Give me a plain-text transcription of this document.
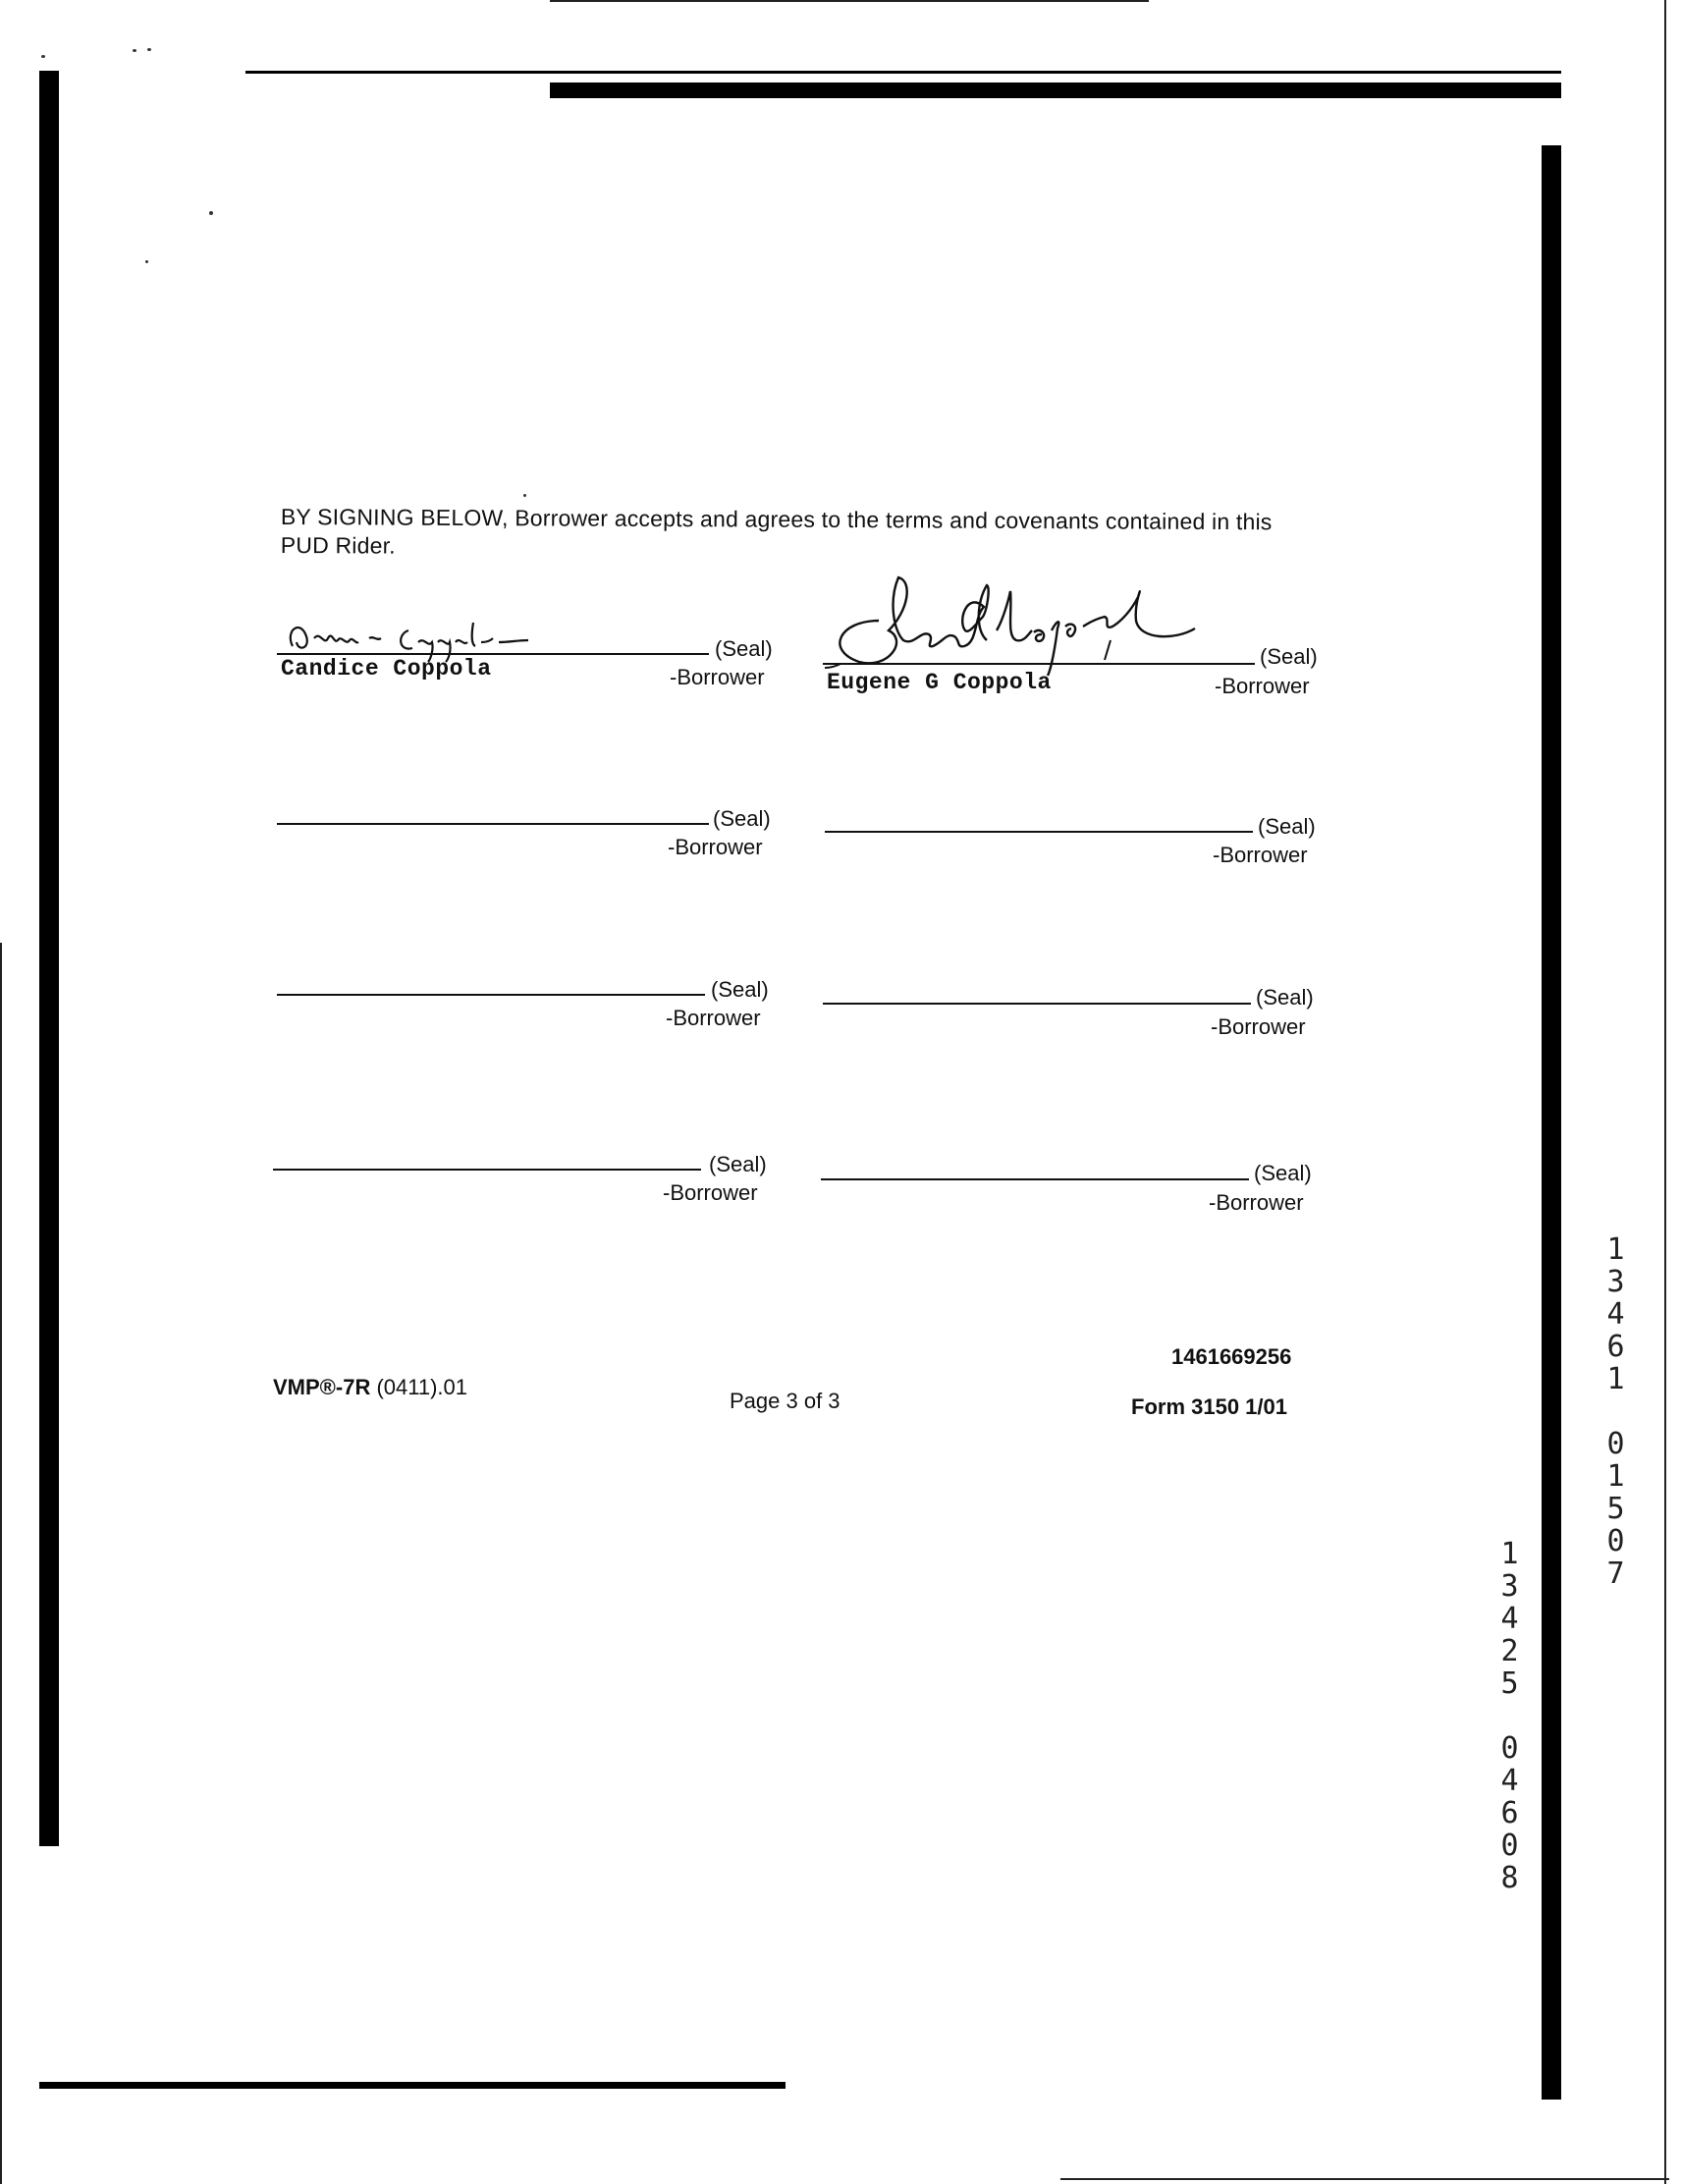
BY SIGNING BELOW, Borrower accepts and agrees to the terms and covenants contained in this PUD Rider.
(Seal)
-Borrower
Candice Coppola	(Seal)
-Borrower
Eugene G Coppola
(Seal)
-Borrower
(Seal)
-Borrower
(Seal)
-Borrower
(Seal)
-Borrower
(Seal)
-Borrower
(Seal)
-Borrower
VMP®-7R (0411).01
Page 3 of 3
1461669256
Form 3150 1/01	13461 01507
13425 04608
